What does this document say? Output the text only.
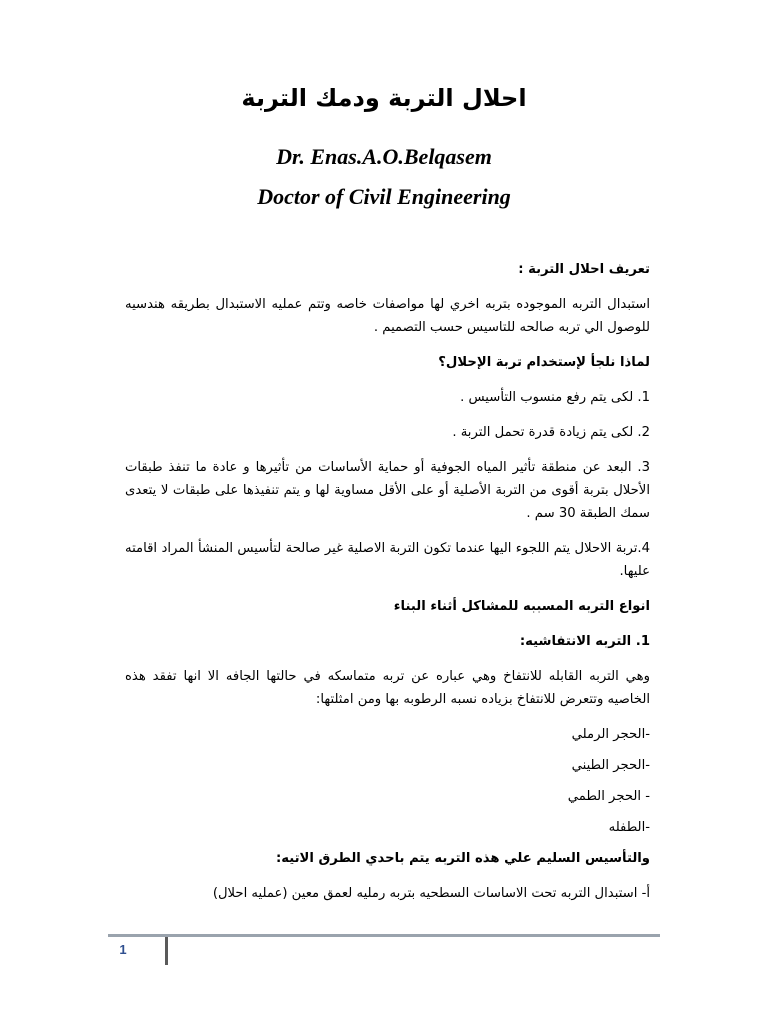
احلال التربة ودمك التربة
Dr. Enas.A.O.Belqasem
Doctor of Civil Engineering

تعريف احلال التربة :

استبدال التربه الموجوده بتربه اخري لها مواصفات خاصه وتتم عمليه الاستبدال بطريقه هندسيه للوصول الي تربه صالحه للتاسيس حسب التصميم .

لماذا نلجأ لإستخدام تربة الإحلال؟

1. لكى يتم رفع منسوب التأسيس .

2. لكى يتم زيادة قدرة تحمل التربة .

3. البعد عن منطقة تأثير المياه الجوفية أو حماية الأساسات من تأثيرها و عادة ما تنفذ طبقات الأحلال بتربة أقوى من التربة الأصلية أو على الأقل مساوية لها و يتم تنفيذها على طبقات لا يتعدى سمك الطبقة 30 سم .

4.تربة الاحلال يتم اللجوء اليها عندما تكون التربة الاصلية غير صالحة لتأسيس المنشأ المراد اقامته عليها.

انواع التربه المسببه للمشاكل أثناء البناء

1. التربه الانتفاشيه:

وهي التربه القابله للانتفاخ وهي عباره عن تربه متماسكه في حالتها الجافه الا انها تفقد هذه الخاصيه وتتعرض للانتفاخ بزياده نسبه الرطوبه بها ومن امثلتها:

-الحجر الرملي

-الحجر الطيني

- الحجر الطمي

-الطفله

والتأسيس السليم علي هذه التربه يتم باحدي الطرق الاتيه:

أ- استبدال التربه تحت الاساسات السطحيه بتربه رمليه لعمق معين (عمليه احلال)

1
